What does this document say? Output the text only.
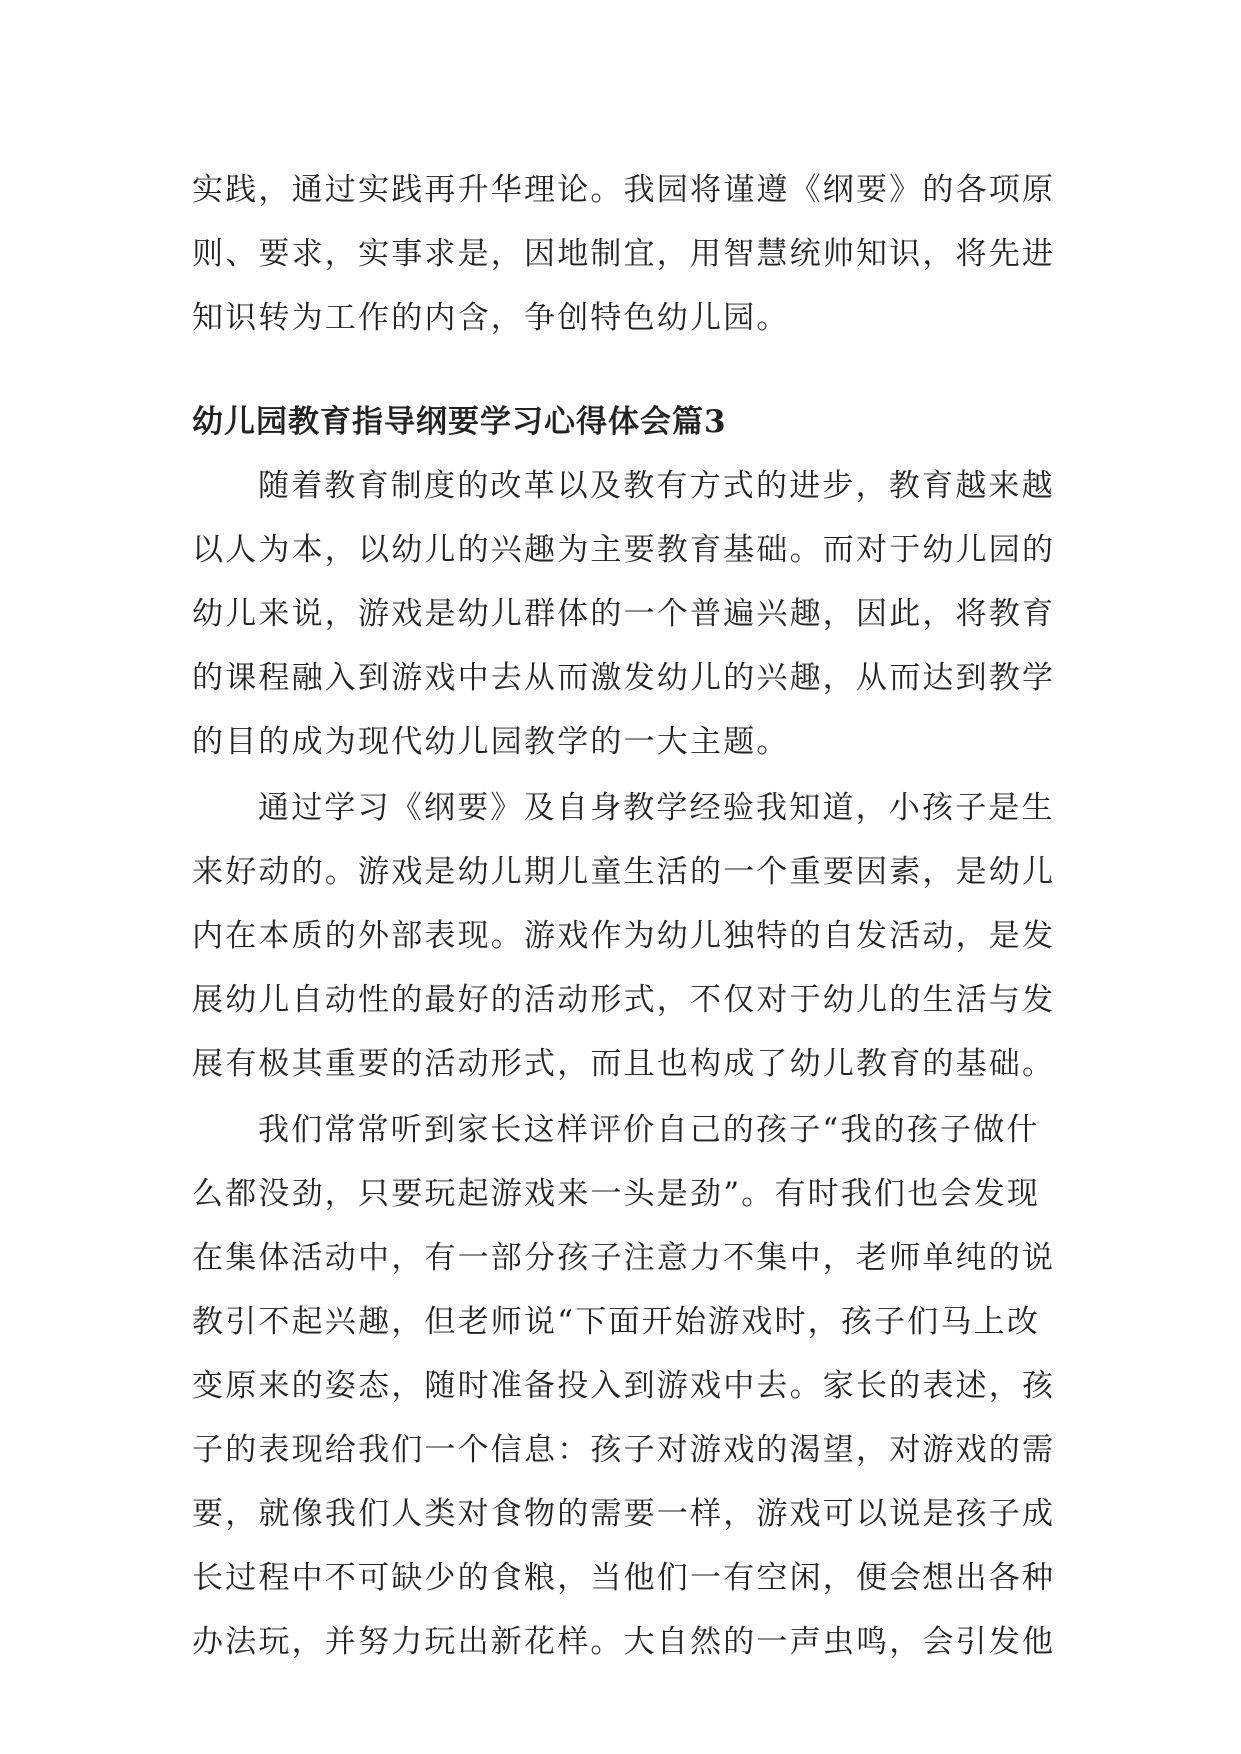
实践，通过实践再升华理论。我园将谨遵《纲要》的各项原

则、要求，实事求是，因地制宜，用智慧统帅知识，将先进

知识转为工作的内含，争创特色幼儿园。

幼儿园教育指导纲要学习心得体会篇3

随着教育制度的改革以及教有方式的进步，教育越来越

以人为本，以幼儿的兴趣为主要教育基础。而对于幼儿园的

幼儿来说，游戏是幼儿群体的一个普遍兴趣，因此，将教育

的课程融入到游戏中去从而激发幼儿的兴趣，从而达到教学

的目的成为现代幼儿园教学的一大主题。

通过学习《纲要》及自身教学经验我知道，小孩子是生

来好动的。游戏是幼儿期儿童生活的一个重要因素，是幼儿

内在本质的外部表现。游戏作为幼儿独特的自发活动，是发

展幼儿自动性的最好的活动形式，不仅对于幼儿的生活与发

展有极其重要的活动形式，而且也构成了幼儿教育的基础。

我们常常听到家长这样评价自己的孩子“我的孩子做什

么都没劲，只要玩起游戏来一头是劲”。有时我们也会发现

在集体活动中，有一部分孩子注意力不集中，老师单纯的说

教引不起兴趣，但老师说“下面开始游戏时，孩子们马上改

变原来的姿态，随时准备投入到游戏中去。家长的表述，孩

子的表现给我们一个信息：孩子对游戏的渴望，对游戏的需

要，就像我们人类对食物的需要一样，游戏可以说是孩子成

长过程中不可缺少的食粮，当他们一有空闲，便会想出各种

办法玩，并努力玩出新花样。大自然的一声虫鸣，会引发他
